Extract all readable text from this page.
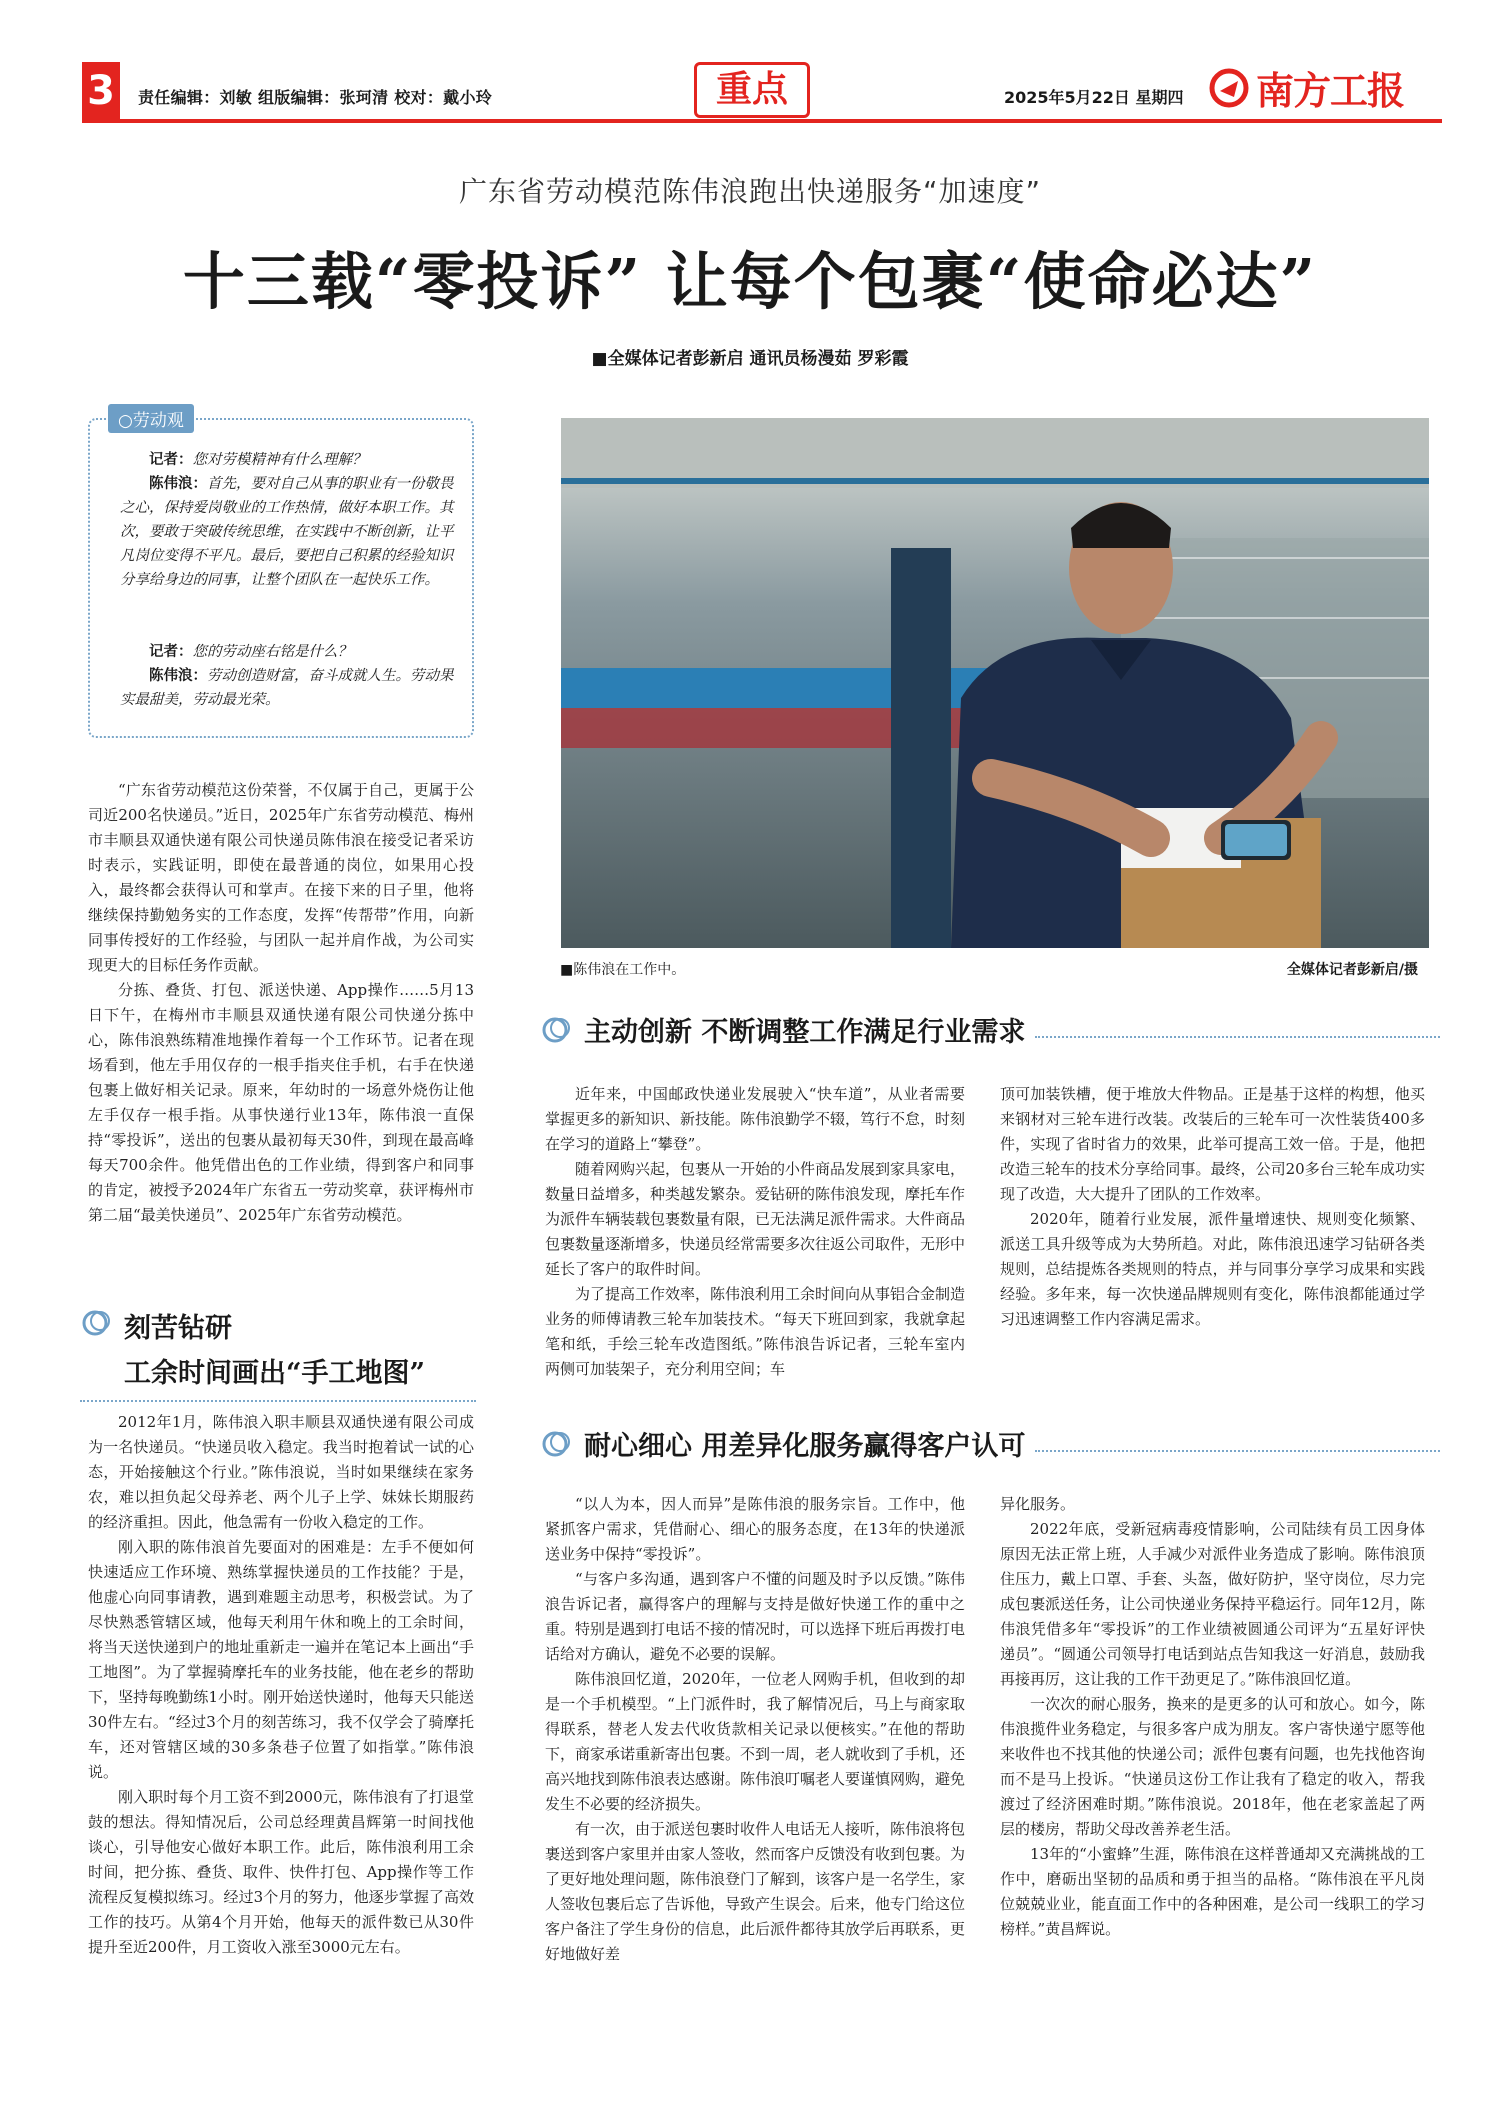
3	责任编辑：刘敏 组版编辑：张珂清 校对：戴小玲	重点	2025年5月22日 星期四 南方工报
广东省劳动模范陈伟浪跑出快递服务“加速度”
十三载“零投诉” 让每个包裹“使命必达”
■全媒体记者彭新启 通讯员杨漫茹 罗彩霞
○劳动观

记者：您对劳模精神有什么理解？

陈伟浪：首先，要对自己从事的职业有一份敬畏之心，保持爱岗敬业的工作热情，做好本职工作。其次，要敢于突破传统思维，在实践中不断创新，让平凡岗位变得不平凡。最后，要把自己积累的经验知识分享给身边的同事，让整个团队在一起快乐工作。

记者：您的劳动座右铭是什么？

陈伟浪：劳动创造财富，奋斗成就人生。劳动果实最甜美，劳动最光荣。

■陈伟浪在工作中。	全媒体记者彭新启/摄

“广东省劳动模范这份荣誉，不仅属于自己，更属于公司近200名快递员。”近日，2025年广东省劳动模范、梅州市丰顺县双通快递有限公司快递员陈伟浪在接受记者采访时表示，实践证明，即使在最普通的岗位，如果用心投入，最终都会获得认可和掌声。在接下来的日子里，他将继续保持勤勉务实的工作态度，发挥“传帮带”作用，向新同事传授好的工作经验，与团队一起并肩作战，为公司实现更大的目标任务作贡献。

分拣、叠货、打包、派送快递、App操作……5月13日下午，在梅州市丰顺县双通快递有限公司快递分拣中心，陈伟浪熟练精准地操作着每一个工作环节。记者在现场看到，他左手用仅存的一根手指夹住手机，右手在快递包裹上做好相关记录。原来，年幼时的一场意外烧伤让他左手仅存一根手指。从事快递行业13年，陈伟浪一直保持“零投诉”，送出的包裹从最初每天30件，到现在最高峰每天700余件。他凭借出色的工作业绩，得到客户和同事的肯定，被授予2024年广东省五一劳动奖章，获评梅州市第二届“最美快递员”、2025年广东省劳动模范。

刻苦钻研
工余时间画出“手工地图”

2012年1月，陈伟浪入职丰顺县双通快递有限公司成为一名快递员。“快递员收入稳定。我当时抱着试一试的心态，开始接触这个行业。”陈伟浪说，当时如果继续在家务农，难以担负起父母养老、两个儿子上学、妹妹长期服药的经济重担。因此，他急需有一份收入稳定的工作。

刚入职的陈伟浪首先要面对的困难是：左手不便如何快速适应工作环境、熟练掌握快递员的工作技能？于是，他虚心向同事请教，遇到难题主动思考，积极尝试。为了尽快熟悉管辖区域，他每天利用午休和晚上的工余时间，将当天送快递到户的地址重新走一遍并在笔记本上画出“手工地图”。为了掌握骑摩托车的业务技能，他在老乡的帮助下，坚持每晚勤练1小时。刚开始送快递时，他每天只能送30件左右。“经过3个月的刻苦练习，我不仅学会了骑摩托车，还对管辖区域的30多条巷子位置了如指掌。”陈伟浪说。

刚入职时每个月工资不到2000元，陈伟浪有了打退堂鼓的想法。得知情况后，公司总经理黄昌辉第一时间找他谈心，引导他安心做好本职工作。此后，陈伟浪利用工余时间，把分拣、叠货、取件、快件打包、App操作等工作流程反复模拟练习。经过3个月的努力，他逐步掌握了高效工作的技巧。从第4个月开始，他每天的派件数已从30件提升至近200件，月工资收入涨至3000元左右。

主动创新 不断调整工作满足行业需求

近年来，中国邮政快递业发展驶入“快车道”，从业者需要掌握更多的新知识、新技能。陈伟浪勤学不辍，笃行不怠，时刻在学习的道路上“攀登”。

随着网购兴起，包裹从一开始的小件商品发展到家具家电，数量日益增多，种类越发繁杂。爱钻研的陈伟浪发现，摩托车作为派件车辆装载包裹数量有限，已无法满足派件需求。大件商品包裹数量逐渐增多，快递员经常需要多次往返公司取件，无形中延长了客户的取件时间。

为了提高工作效率，陈伟浪利用工余时间向从事铝合金制造业务的师傅请教三轮车加装技术。“每天下班回到家，我就拿起笔和纸，手绘三轮车改造图纸。”陈伟浪告诉记者，三轮车室内两侧可加装架子，充分利用空间；车

顶可加装铁槽，便于堆放大件物品。正是基于这样的构想，他买来钢材对三轮车进行改装。改装后的三轮车可一次性装货400多件，实现了省时省力的效果，此举可提高工效一倍。于是，他把改造三轮车的技术分享给同事。最终，公司20多台三轮车成功实现了改造，大大提升了团队的工作效率。

2020年，随着行业发展，派件量增速快、规则变化频繁、派送工具升级等成为大势所趋。对此，陈伟浪迅速学习钻研各类规则，总结提炼各类规则的特点，并与同事分享学习成果和实践经验。多年来，每一次快递品牌规则有变化，陈伟浪都能通过学习迅速调整工作内容满足需求。

耐心细心 用差异化服务赢得客户认可

“以人为本，因人而异”是陈伟浪的服务宗旨。工作中，他紧抓客户需求，凭借耐心、细心的服务态度，在13年的快递派送业务中保持“零投诉”。

“与客户多沟通，遇到客户不懂的问题及时予以反馈。”陈伟浪告诉记者，赢得客户的理解与支持是做好快递工作的重中之重。特别是遇到打电话不接的情况时，可以选择下班后再拨打电话给对方确认，避免不必要的误解。

陈伟浪回忆道，2020年，一位老人网购手机，但收到的却是一个手机模型。“上门派件时，我了解情况后，马上与商家取得联系，替老人发去代收货款相关记录以便核实。”在他的帮助下，商家承诺重新寄出包裹。不到一周，老人就收到了手机，还高兴地找到陈伟浪表达感谢。陈伟浪叮嘱老人要谨慎网购，避免发生不必要的经济损失。

有一次，由于派送包裹时收件人电话无人接听，陈伟浪将包裹送到客户家里并由家人签收，然而客户反馈没有收到包裹。为了更好地处理问题，陈伟浪登门了解到，该客户是一名学生，家人签收包裹后忘了告诉他，导致产生误会。后来，他专门给这位客户备注了学生身份的信息，此后派件都待其放学后再联系，更好地做好差

异化服务。

2022年底，受新冠病毒疫情影响，公司陆续有员工因身体原因无法正常上班，人手减少对派件业务造成了影响。陈伟浪顶住压力，戴上口罩、手套、头盔，做好防护，坚守岗位，尽力完成包裹派送任务，让公司快递业务保持平稳运行。同年12月，陈伟浪凭借多年“零投诉”的工作业绩被圆通公司评为“五星好评快递员”。“圆通公司领导打电话到站点告知我这一好消息，鼓励我再接再厉，这让我的工作干劲更足了。”陈伟浪回忆道。

一次次的耐心服务，换来的是更多的认可和放心。如今，陈伟浪揽件业务稳定，与很多客户成为朋友。客户寄快递宁愿等他来收件也不找其他的快递公司；派件包裹有问题，也先找他咨询而不是马上投诉。“快递员这份工作让我有了稳定的收入，帮我渡过了经济困难时期。”陈伟浪说。2018年，他在老家盖起了两层的楼房，帮助父母改善养老生活。

13年的“小蜜蜂”生涯，陈伟浪在这样普通却又充满挑战的工作中，磨砺出坚韧的品质和勇于担当的品格。“陈伟浪在平凡岗位兢兢业业，能直面工作中的各种困难，是公司一线职工的学习榜样。”黄昌辉说。
